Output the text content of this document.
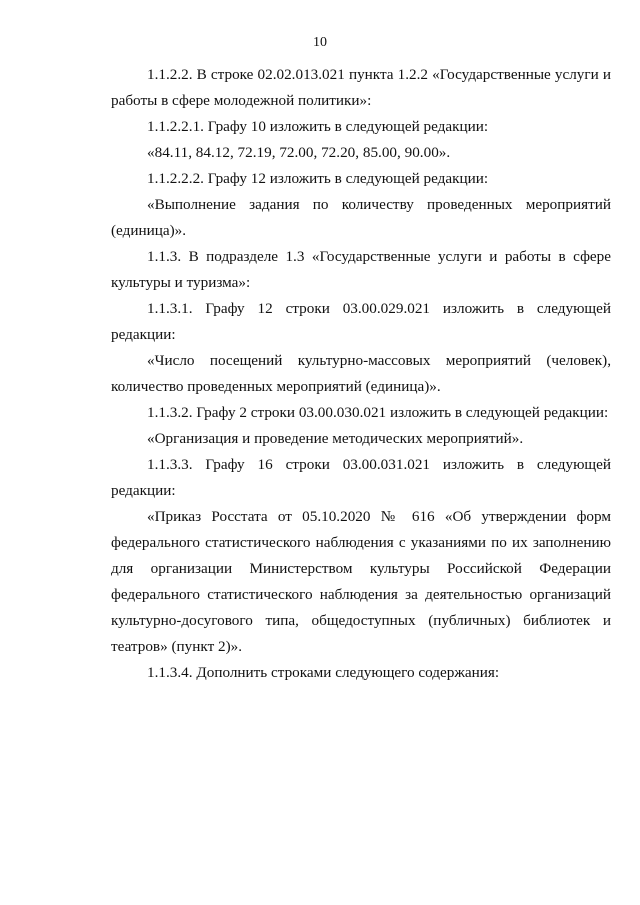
10

1.1.2.2. В строке 02.02.013.021 пункта 1.2.2 «Государственные услуги и работы в сфере молодежной политики»:

1.1.2.2.1. Графу 10 изложить в следующей редакции:

«84.11, 84.12, 72.19, 72.00, 72.20, 85.00, 90.00».

1.1.2.2.2. Графу 12 изложить в следующей редакции:

«Выполнение задания по количеству проведенных мероприятий (единица)».

1.1.3. В подразделе 1.3 «Государственные услуги и работы в сфере культуры и туризма»:

1.1.3.1. Графу 12 строки 03.00.029.021 изложить в следующей редакции:

«Число посещений культурно-массовых мероприятий (человек), количество проведенных мероприятий (единица)».

1.1.3.2. Графу 2 строки 03.00.030.021 изложить в следующей редакции:

«Организация и проведение методических мероприятий».

1.1.3.3. Графу 16 строки 03.00.031.021 изложить в следующей редакции:

«Приказ Росстата от 05.10.2020 № 616 «Об утверждении форм федерального статистического наблюдения с указаниями по их заполнению для организации Министерством культуры Российской Федерации федерального статистического наблюдения за деятельностью организаций культурно-досугового типа, общедоступных (публичных) библиотек и театров» (пункт 2)».

1.1.3.4. Дополнить строками следующего содержания:
